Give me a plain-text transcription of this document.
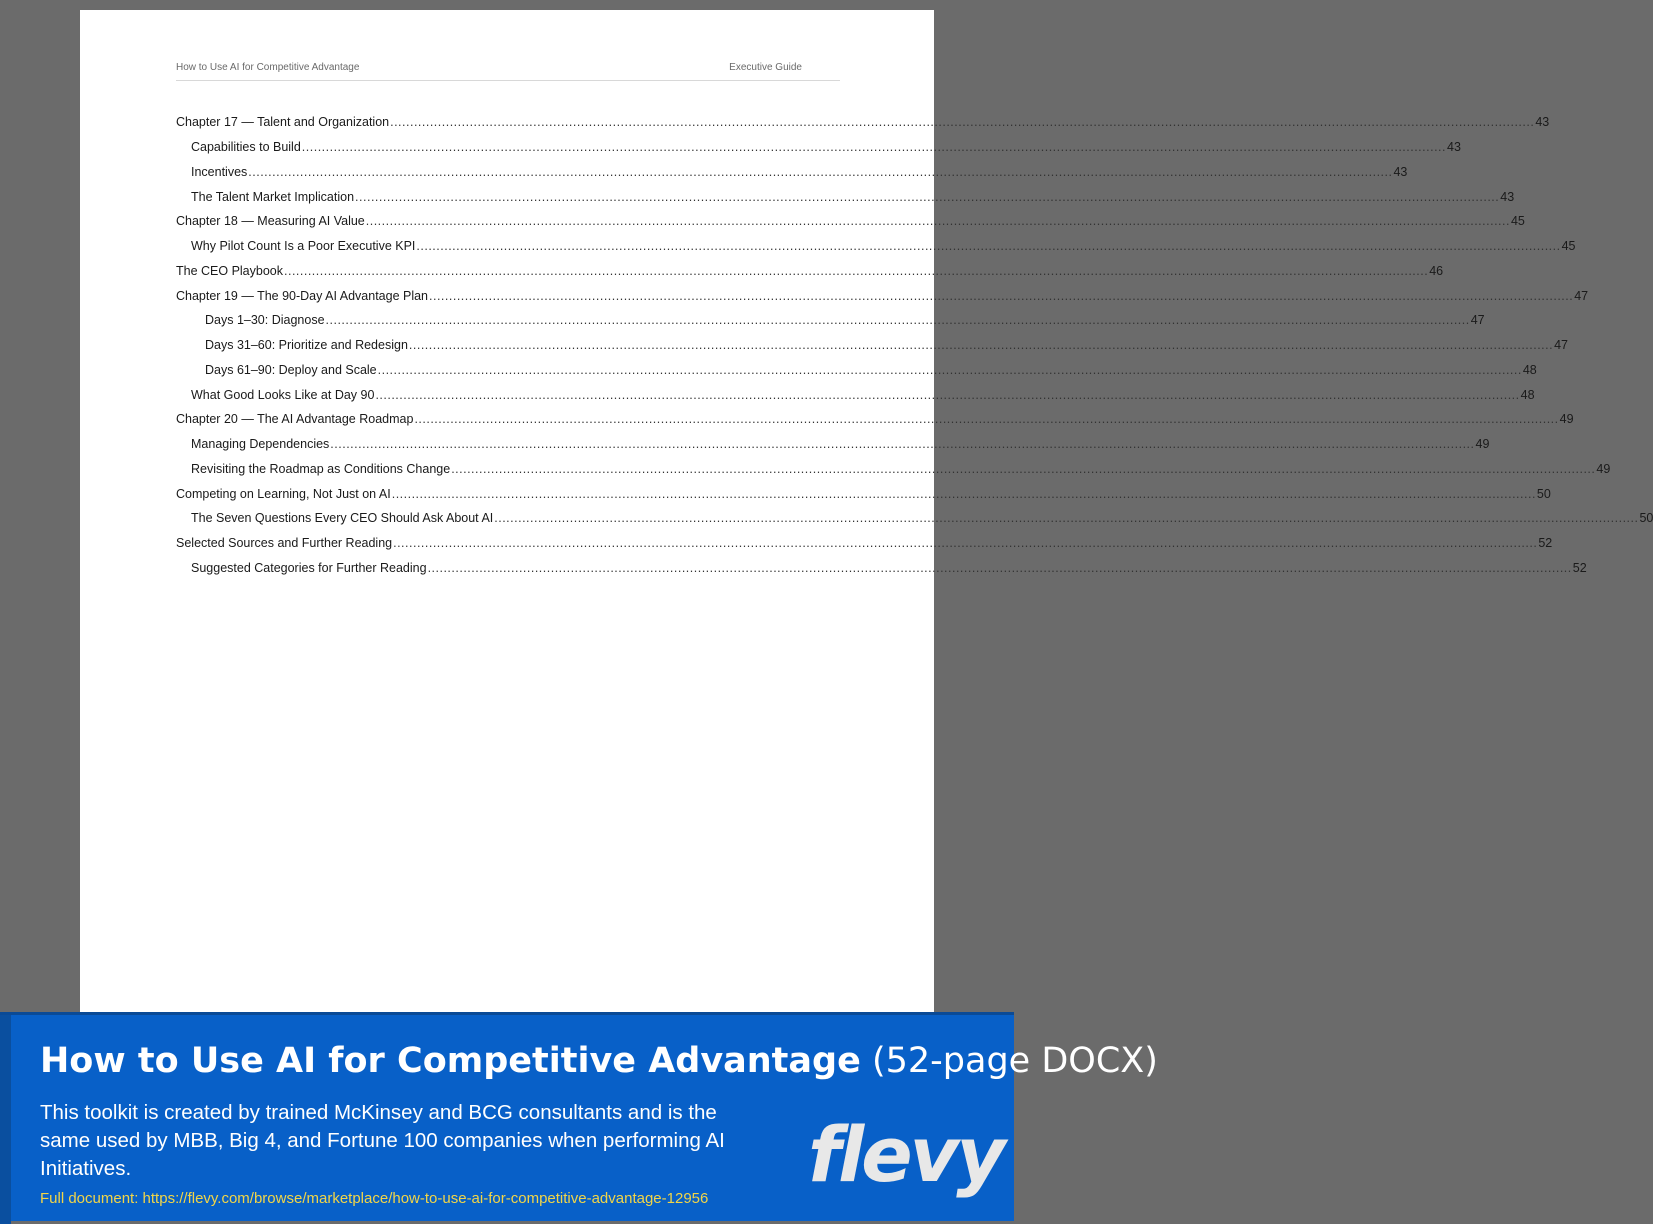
How to Use AI for Competitive Advantage	Executive Guide
Chapter 17 — Talent and Organization .....	43
Capabilities to Build .....	43
Incentives .....	43
The Talent Market Implication .....	43
Chapter 18 — Measuring AI Value .....	45
Why Pilot Count Is a Poor Executive KPI .....	45
The CEO Playbook .....	46
Chapter 19 — The 90-Day AI Advantage Plan .....	47
Days 1–30: Diagnose .....	47
Days 31–60: Prioritize and Redesign .....	47
Days 61–90: Deploy and Scale .....	48
What Good Looks Like at Day 90 .....	48
Chapter 20 — The AI Advantage Roadmap .....	49
Managing Dependencies .....	49
Revisiting the Roadmap as Conditions Change .....	49
Competing on Learning, Not Just on AI .....	50
The Seven Questions Every CEO Should Ask About AI .....	50
Selected Sources and Further Reading .....	52
Suggested Categories for Further Reading .....	52
How to Use AI for Competitive Advantage (52-page DOCX)
This toolkit is created by trained McKinsey and BCG consultants and is the same used by MBB, Big 4, and Fortune 100 companies when performing AI Initiatives.
Full document: https://flevy.com/browse/marketplace/how-to-use-ai-for-competitive-advantage-12956 flevy
